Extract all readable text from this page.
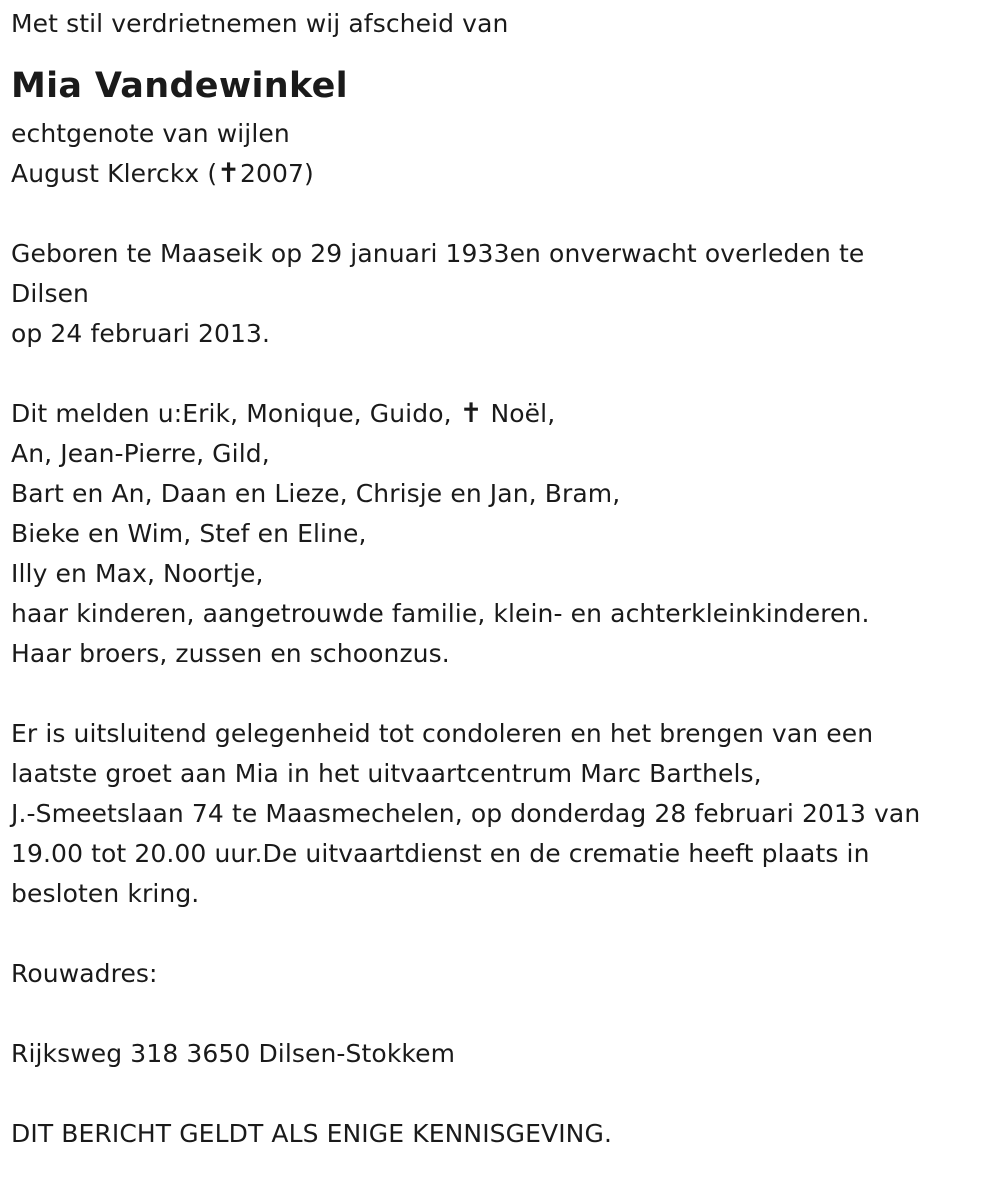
Met stil verdrietnemen wij afscheid van
Mia Vandewinkel
echtgenote van wijlen
August Klerckx (✝2007)
Geboren te Maaseik op 29 januari 1933en onverwacht overleden te
Dilsen
op 24 februari 2013.
Dit melden u:Erik, Monique, Guido, ✝ Noël,
An, Jean-Pierre, Gild,
Bart en An, Daan en Lieze, Chrisje en Jan, Bram,
Bieke en Wim, Stef en Eline,
Illy en Max, Noortje,
haar kinderen, aangetrouwde familie, klein- en achterkleinkinderen.
Haar broers, zussen en schoonzus.
Er is uitsluitend gelegenheid tot condoleren en het brengen van een
laatste groet aan Mia in het uitvaartcentrum Marc Barthels,
J.-Smeetslaan 74 te Maasmechelen, op donderdag 28 februari 2013 van
19.00 tot 20.00 uur.De uitvaartdienst en de crematie heeft plaats in
besloten kring.
Rouwadres:
Rijksweg 318 3650 Dilsen-Stokkem
DIT BERICHT GELDT ALS ENIGE KENNISGEVING.
